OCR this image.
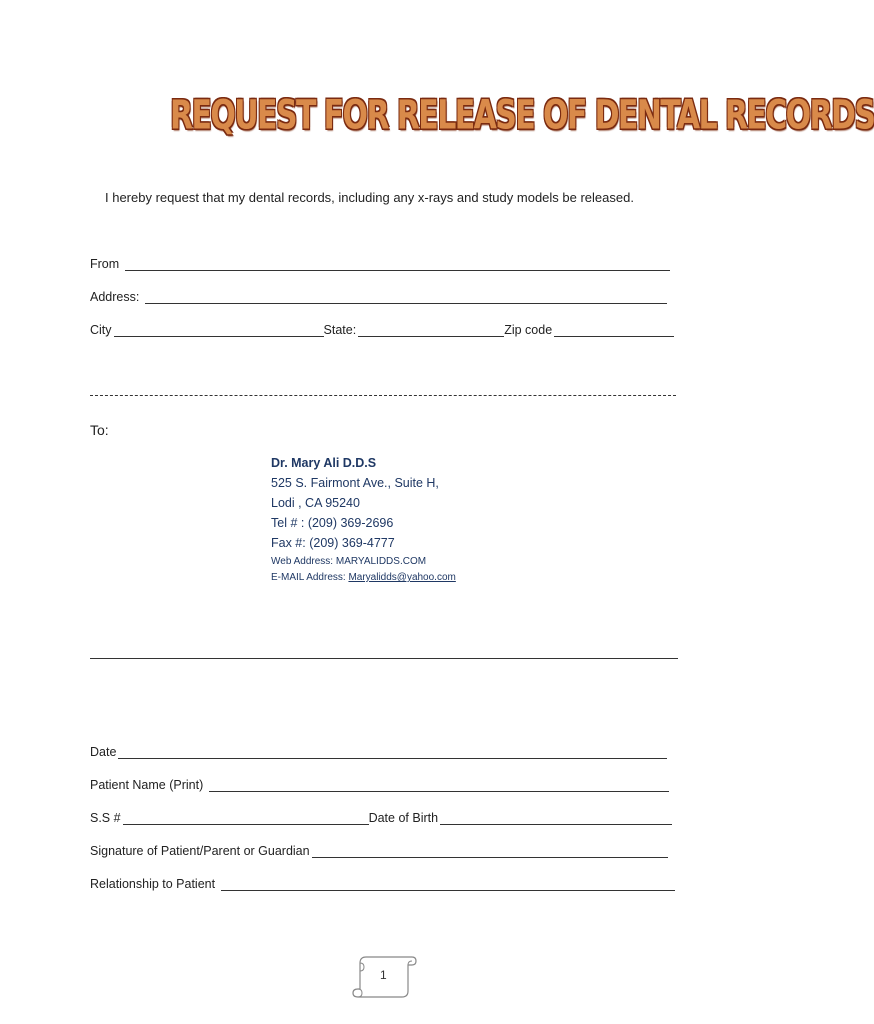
REQUEST FOR RELEASE OF DENTAL RECORDS
I hereby request that my dental records, including any x-rays and study models be released.
From
Address:
City	State:	Zip code
To:
Dr. Mary Ali D.D.S
525 S. Fairmont Ave., Suite H,
Lodi , CA 95240
Tel # : (209) 369-2696
Fax #: (209) 369-4777
Web Address: MARYALIDDS.COM
E-MAIL Address: Maryalidds@yahoo.com
Date
Patient Name (Print)
S.S #	Date of Birth
Signature of Patient/Parent or Guardian
Relationship to Patient
1
